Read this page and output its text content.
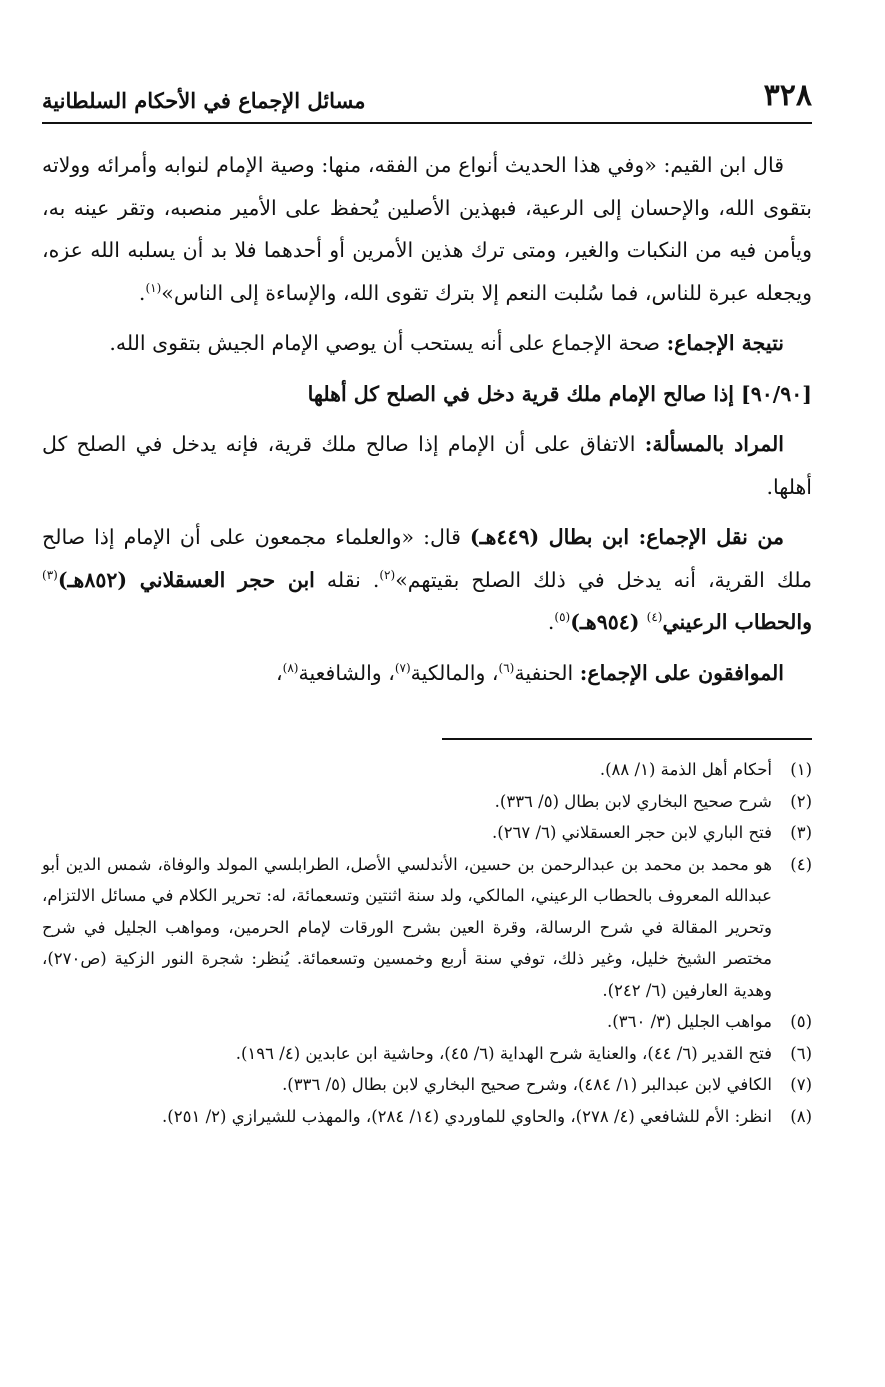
٣٢٨
مسائل الإجماع في الأحكام السلطانية

قال ابن القيم: «وفي هذا الحديث أنواع من الفقه، منها: وصية الإمام لنوابه وأمرائه وولاته بتقوى الله، والإحسان إلى الرعية، فبهذين الأصلين يُحفظ على الأمير منصبه، وتقر عينه به، ويأمن فيه من النكبات والغير، ومتى ترك هذين الأمرين أو أحدهما فلا بد أن يسلبه الله عزه، ويجعله عبرة للناس، فما سُلبت النعم إلا بترك تقوى الله، والإساءة إلى الناس»$^{(١)}$.

نتيجة الإجماع: صحة الإجماع على أنه يستحب أن يوصي الإمام الجيش بتقوى الله.

[٩٠/٩٠] إذا صالح الإمام ملك قرية دخل في الصلح كل أهلها

المراد بالمسألة: الاتفاق على أن الإمام إذا صالح ملك قرية، فإنه يدخل في الصلح كل أهلها.

من نقل الإجماع: ابن بطال (٤٤٩هـ) قال: «والعلماء مجمعون على أن الإمام إذا صالح ملك القرية، أنه يدخل في ذلك الصلح بقيتهم»$^{(٢)}$. نقله ابن حجر العسقلاني (٨٥٢هـ)$^{(٣)}$ والحطاب الرعيني$^{(٤)}$ (٩٥٤هـ)$^{(٥)}$.

الموافقون على الإجماع: الحنفية$^{(٦)}$، والمالكية$^{(٧)}$، والشافعية$^{(٨)}$،

(١)
أحكام أهل الذمة (١/ ٨٨).
(٢)
شرح صحيح البخاري لابن بطال (٥/ ٣٣٦).
(٣)
فتح الباري لابن حجر العسقلاني (٦/ ٢٦٧).
(٤)
هو محمد بن محمد بن عبدالرحمن بن حسين، الأندلسي الأصل، الطرابلسي المولد والوفاة، شمس الدين أبو عبدالله المعروف بالحطاب الرعيني، المالكي، ولد سنة اثنتين وتسعمائة، له: تحرير الكلام في مسائل الالتزام، وتحرير المقالة في شرح الرسالة، وقرة العين بشرح الورقات لإمام الحرمين، ومواهب الجليل في شرح مختصر الشيخ خليل، وغير ذلك، توفي سنة أربع وخمسين وتسعمائة. يُنظر: شجرة النور الزكية (ص٢٧٠)، وهدية العارفين (٦/ ٢٤٢).
(٥)
مواهب الجليل (٣/ ٣٦٠).
(٦)
فتح القدير (٦/ ٤٤)، والعناية شرح الهداية (٦/ ٤٥)، وحاشية ابن عابدين (٤/ ١٩٦).
(٧)
الكافي لابن عبدالبر (١/ ٤٨٤)، وشرح صحيح البخاري لابن بطال (٥/ ٣٣٦).
(٨)
انظر: الأم للشافعي (٤/ ٢٧٨)، والحاوي للماوردي (١٤/ ٢٨٤)، والمهذب للشيرازي (٢/ ٢٥١).
